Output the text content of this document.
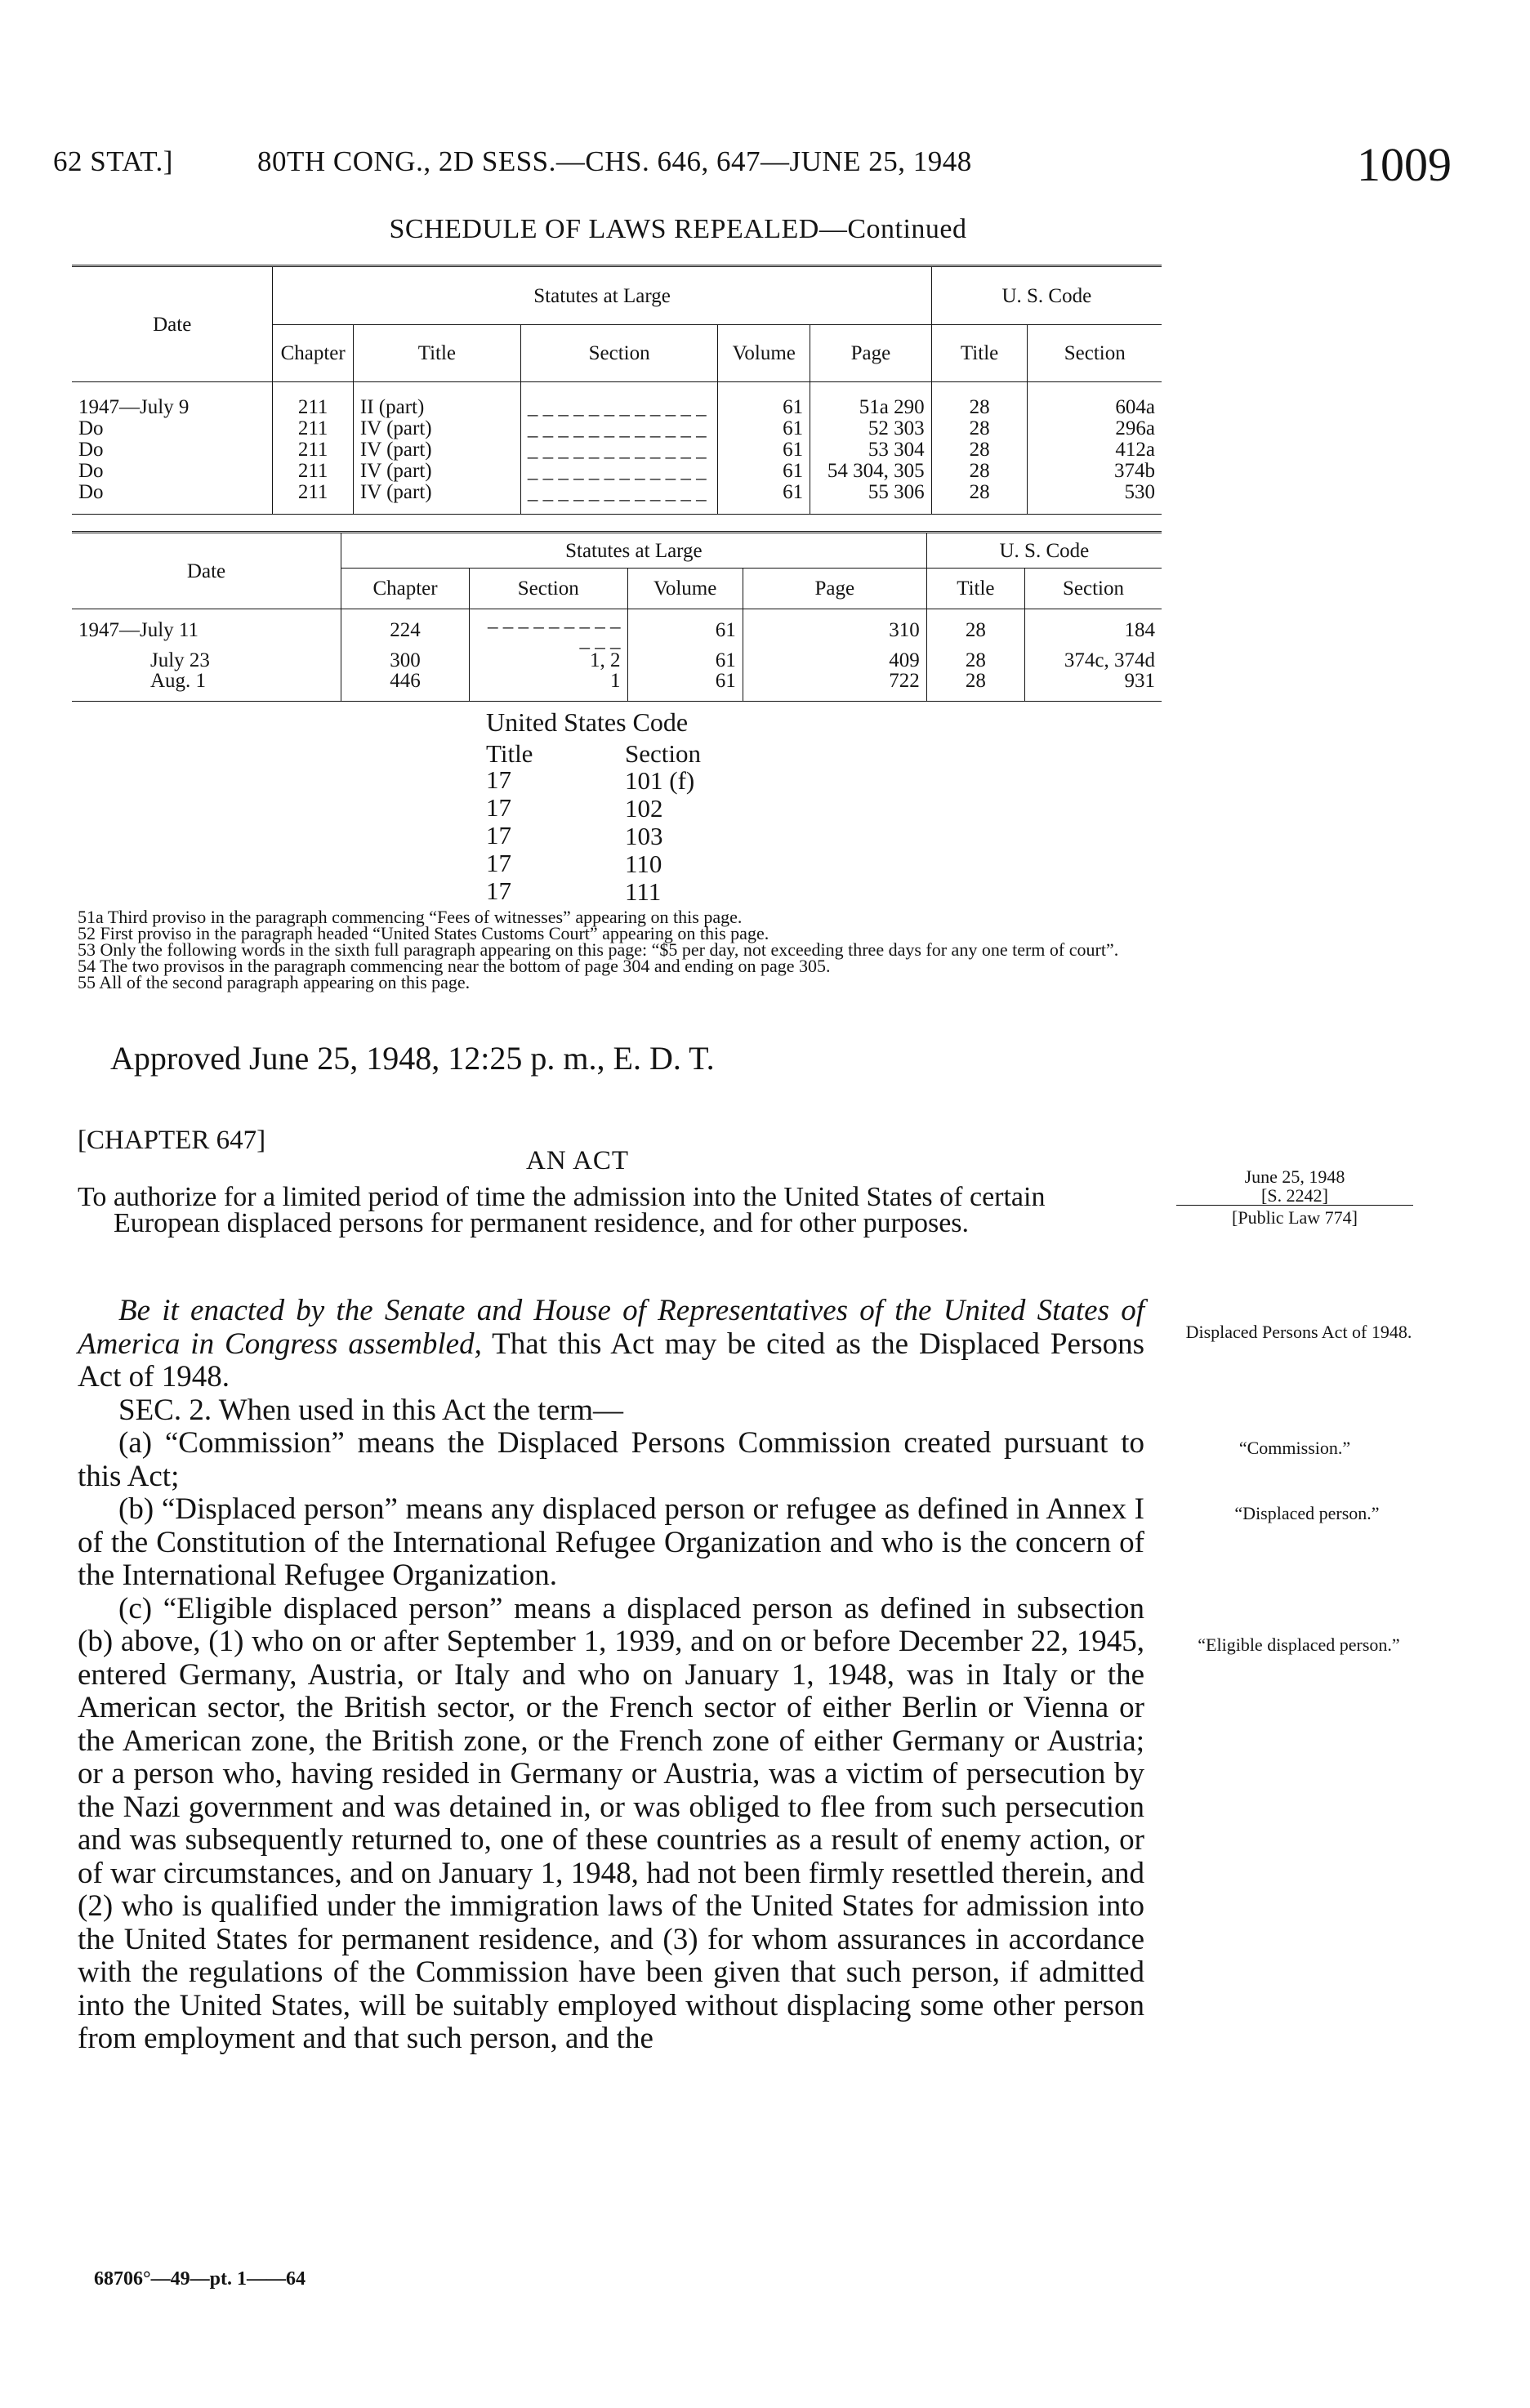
62 STAT.]	80TH CONG., 2D SESS.—CHS. 646, 647—JUNE 25, 1948	1009
SCHEDULE OF LAWS REPEALED—Continued
Date	Statutes at Large					U. S. Code	
	Chapter	Title	Section	Volume	Page	Title	Section

1947—July 9	211	II (part)	_ _ _ _ _ _ _ _ _ _ _ _	61	51a 290	28	604a
Do	211	IV (part)	_ _ _ _ _ _ _ _ _ _ _ _	61	52 303	28	296a
Do	211	IV (part)	_ _ _ _ _ _ _ _ _ _ _ _	61	53 304	28	412a
Do	211	IV (part)	_ _ _ _ _ _ _ _ _ _ _ _	61	54 304, 305	28	374b
Do	211	IV (part)	_ _ _ _ _ _ _ _ _ _ _ _	61	55 306	28	530

Date	Statutes at Large				U. S. Code	
	Chapter	Section	Volume	Page	Title	Section
1947—July 11	224	_ _ _ _ _ _ _ _ _ _ _ _	61	310	28	184
July 23	300	1, 2	61	409	28	374c, 374d
Aug. 1	446	1	61	722	28	931

United States Code
Title	Section
17	101 (f)
17	102
17	103
17	110
17	111
51a Third proviso in the paragraph commencing “Fees of witnesses” appearing on this page.
52 First proviso in the paragraph headed “United States Customs Court” appearing on this page.
53 Only the following words in the sixth full paragraph appearing on this page: “$5 per day, not exceeding three days for any one term of court”.
54 The two provisos in the paragraph commencing near the bottom of page 304 and ending on page 305.
55 All of the second paragraph appearing on this page.
Approved June 25, 1948, 12:25 p. m., E. D. T.
[CHAPTER 647]
AN ACT
To authorize for a limited period of time the admission into the United States of certain European displaced persons for permanent residence, and for other purposes.
June 25, 1948
[S. 2242]
[Public Law 774]
Displaced Persons Act of 1948.
“Commission.”
“Displaced person.”
“Eligible displaced person.”

Be it enacted by the Senate and House of Representatives of the United States of America in Congress assembled, That this Act may be cited as the Displaced Persons Act of 1948.

SEC. 2. When used in this Act the term—

(a) “Commission” means the Displaced Persons Commission created pursuant to this Act;

(b) “Displaced person” means any displaced person or refugee as defined in Annex I of the Constitution of the International Refugee Organization and who is the concern of the International Refugee Organization.

(c) “Eligible displaced person” means a displaced person as defined in subsection (b) above, (1) who on or after September 1, 1939, and on or before December 22, 1945, entered Germany, Austria, or Italy and who on January 1, 1948, was in Italy or the American sector, the British sector, or the French sector of either Berlin or Vienna or the American zone, the British zone, or the French zone of either Germany or Austria; or a person who, having resided in Germany or Austria, was a victim of persecution by the Nazi government and was detained in, or was obliged to flee from such persecution and was subsequently returned to, one of these countries as a result of enemy action, or of war circumstances, and on January 1, 1948, had not been firmly resettled therein, and (2) who is qualified under the immigration laws of the United States for admission into the United States for permanent residence, and (3) for whom assurances in accordance with the regulations of the Commission have been given that such person, if admitted into the United States, will be suitably employed without displacing some other person from employment and that such person, and the

68706°—49—pt. 1——64
